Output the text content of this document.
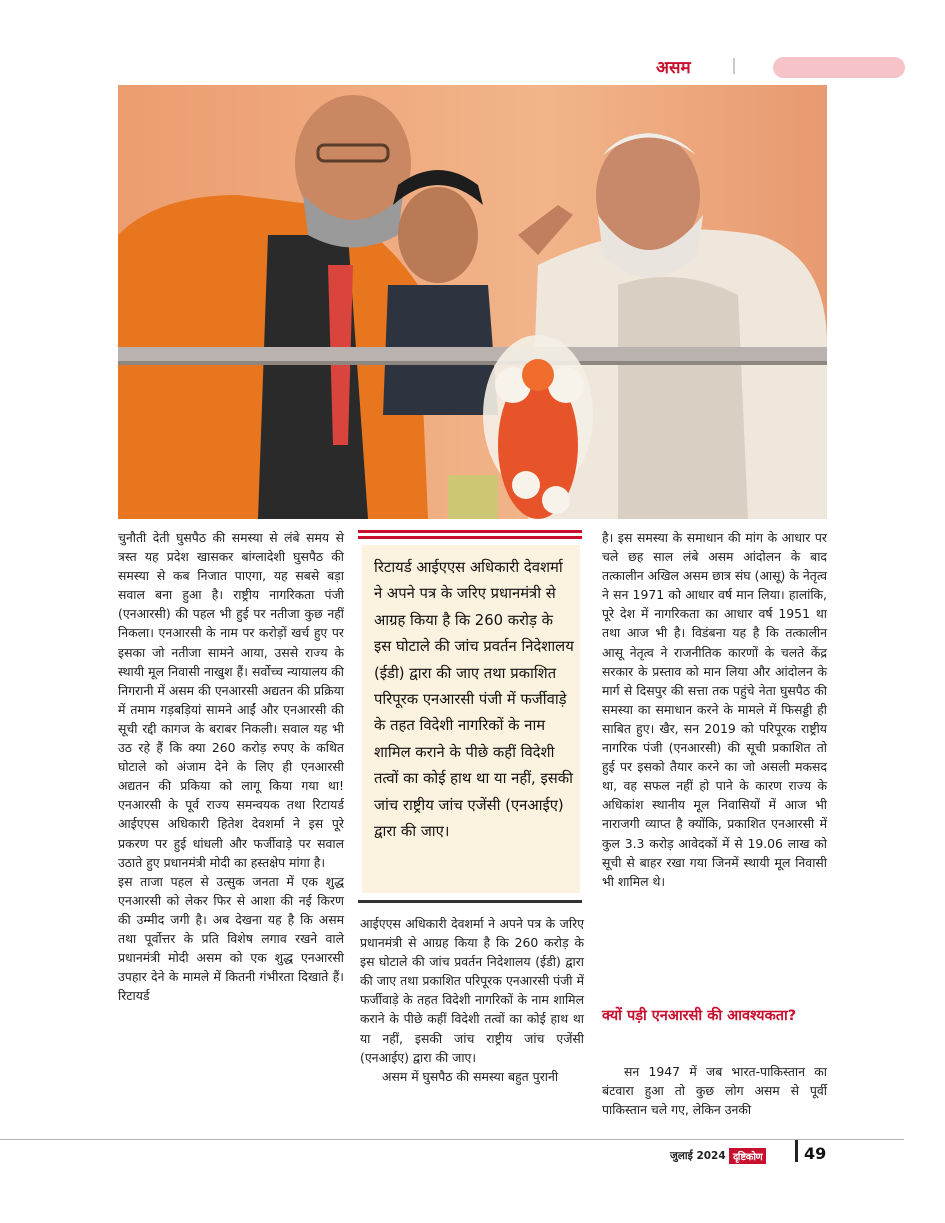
असम

चुनौती देती घुसपैठ की समस्या से लंबे समय से त्रस्त यह प्रदेश खासकर बांग्लादेशी घुसपैठ की समस्या से कब निजात पाएगा, यह सबसे बड़ा सवाल बना हुआ है। राष्ट्रीय नागरिकता पंजी (एनआरसी) की पहल भी हुई पर नतीजा कुछ नहीं निकला। एनआरसी के नाम पर करोड़ों खर्च हुए पर इसका जो नतीजा सामने आया, उससे राज्य के स्थायी मूल निवासी नाखुश हैं। सर्वोच्च न्यायालय की निगरानी में असम की एनआरसी अद्यतन की प्रक्रिया में तमाम गड़बड़ियां सामने आईं और एनआरसी की सूची रद्दी कागज के बराबर निकली। सवाल यह भी उठ रहे हैं कि क्या 260 करोड़ रुपए के कथित घोटाले को अंजाम देने के लिए ही एनआरसी अद्यतन की प्रकिया को लागू किया गया था! एनआरसी के पूर्व राज्य समन्वयक तथा रिटायर्ड आईएएस अधिकारी हितेश देवशर्मा ने इस पूरे प्रकरण पर हुई धांधली और फर्जीवाड़े पर सवाल उठाते हुए प्रधानमंत्री मोदी का हस्तक्षेप मांगा है।

इस ताजा पहल से उत्सुक जनता में एक शुद्ध एनआरसी को लेकर फिर से आशा की नई किरण की उम्मीद जगी है। अब देखना यह है कि असम तथा पूर्वोत्तर के प्रति विशेष लगाव रखने वाले प्रधानमंत्री मोदी असम को एक शुद्ध एनआरसी उपहार देने के मामले में कितनी गंभीरता दिखाते हैं। रिटायर्ड

रिटायर्ड आईएएस अधिकारी देवशर्मा ने अपने पत्र के जरिए प्रधानमंत्री से आग्रह किया है कि 260 करोड़ के इस घोटाले की जांच प्रवर्तन निदेशालय (ईडी) द्वारा की जाए तथा प्रकाशित परिपूरक एनआरसी पंजी में फर्जीवाड़े के तहत विदेशी नागरिकों के नाम शामिल कराने के पीछे कहीं विदेशी तत्वों का कोई हाथ था या नहीं, इसकी जांच राष्ट्रीय जांच एजेंसी (एनआईए) द्वारा की जाए।

आईएएस अधिकारी देवशर्मा ने अपने पत्र के जरिए प्रधानमंत्री से आग्रह किया है कि 260 करोड़ के इस घोटाले की जांच प्रवर्तन निदेशालय (ईडी) द्वारा की जाए तथा प्रकाशित परिपूरक एनआरसी पंजी में फर्जीवाड़े के तहत विदेशी नागरिकों के नाम शामिल कराने के पीछे कहीं विदेशी तत्वों का कोई हाथ था या नहीं, इसकी जांच राष्ट्रीय जांच एजेंसी (एनआईए) द्वारा की जाए।

असम में घुसपैठ की समस्या बहुत पुरानी

है। इस समस्या के समाधान की मांग के आधार पर चले छह साल लंबे असम आंदोलन के बाद तत्कालीन अखिल असम छात्र संघ (आसू) के नेतृत्व ने सन 1971 को आधार वर्ष मान लिया। हालांकि, पूरे देश में नागरिकता का आधार वर्ष 1951 था तथा आज भी है। विडंबना यह है कि तत्कालीन आसू नेतृत्व ने राजनीतिक कारणों के चलते केंद्र सरकार के प्रस्ताव को मान लिया और आंदोलन के मार्ग से दिसपुर की सत्ता तक पहुंचे नेता घुसपैठ की समस्या का समाधान करने के मामले में फिसड्डी ही साबित हुए। खैर, सन 2019 को परिपूरक राष्ट्रीय नागरिक पंजी (एनआरसी) की सूची प्रकाशित तो हुई पर इसको तैयार करने का जो असली मकसद था, वह सफल नहीं हो पाने के कारण राज्य के अधिकांश स्थानीय मूल निवासियों में आज भी नाराजगी व्याप्त है क्योंकि, प्रकाशित एनआरसी में कुल 3.3 करोड़ आवेदकों में से 19.06 लाख को सूची से बाहर रखा गया जिनमें स्थायी मूल निवासी भी शामिल थे।

क्यों पड़ी एनआरसी की आवश्यकता?

सन 1947 में जब भारत-पाकिस्तान का बंटवारा हुआ तो कुछ लोग असम से पूर्वी पाकिस्तान चले गए, लेकिन उनकी

जुलाई 2024 दृष्टिकोण	49
